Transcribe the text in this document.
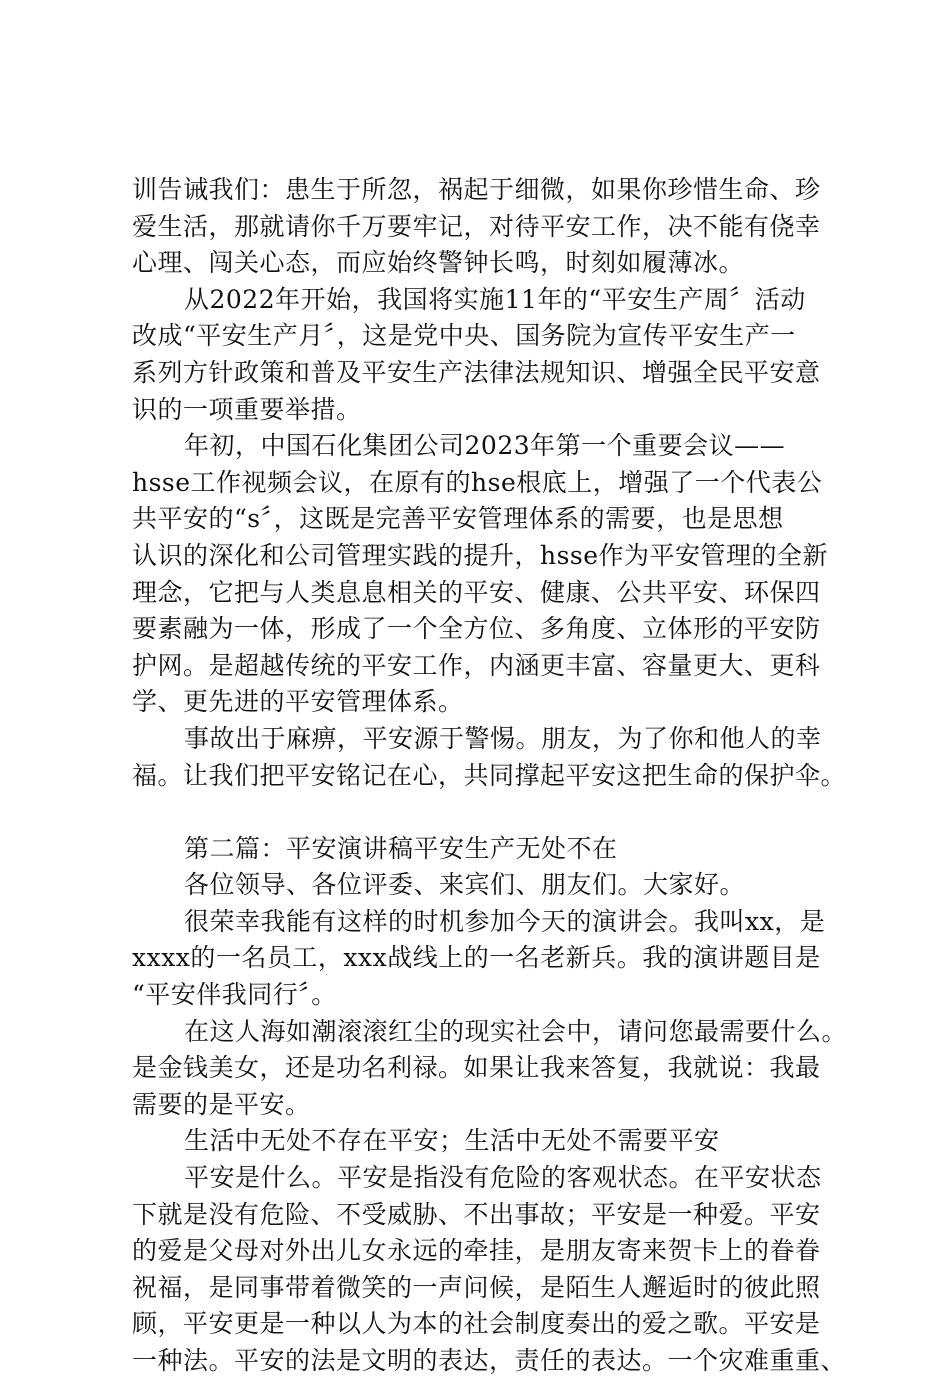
训告诫我们：患生于所忽，祸起于细微，如果你珍惜生命、珍
爱生活，那就请你千万要牢记，对待平安工作，决不能有侥幸
心理、闯关心态，而应始终警钟长鸣，时刻如履薄冰。
从2022年开始，我国将实施11年的“平安生产周〞活动
改成“平安生产月〞，这是党中央、国务院为宣传平安生产一
系列方针政策和普及平安生产法律法规知识、增强全民平安意
识的一项重要举措。
年初，中国石化集团公司2023年第一个重要会议——
hsse工作视频会议，在原有的hse根底上，增强了一个代表公
共平安的“s〞，这既是完善平安管理体系的需要，也是思想
认识的深化和公司管理实践的提升，hsse作为平安管理的全新
理念，它把与人类息息相关的平安、健康、公共平安、环保四
要素融为一体，形成了一个全方位、多角度、立体形的平安防
护网。是超越传统的平安工作，内涵更丰富、容量更大、更科
学、更先进的平安管理体系。
事故出于麻痹，平安源于警惕。朋友，为了你和他人的幸
福。让我们把平安铭记在心，共同撑起平安这把生命的保护伞。
第二篇：平安演讲稿平安生产无处不在
各位领导、各位评委、来宾们、朋友们。大家好。
很荣幸我能有这样的时机参加今天的演讲会。我叫xx，是
xxxx的一名员工，xxx战线上的一名老新兵。我的演讲题目是
“平安伴我同行〞。
在这人海如潮滚滚红尘的现实社会中，请问您最需要什么。
是金钱美女，还是功名利禄。如果让我来答复，我就说：我最
需要的是平安。
生活中无处不存在平安；生活中无处不需要平安
平安是什么。平安是指没有危险的客观状态。在平安状态
下就是没有危险、不受威胁、不出事故；平安是一种爱。平安
的爱是父母对外出儿女永远的牵挂，是朋友寄来贺卡上的眷眷
祝福，是同事带着微笑的一声问候，是陌生人邂逅时的彼此照
顾，平安更是一种以人为本的社会制度奏出的爱之歌。平安是
一种法。平安的法是文明的表达，责任的表达。一个灾难重重、
